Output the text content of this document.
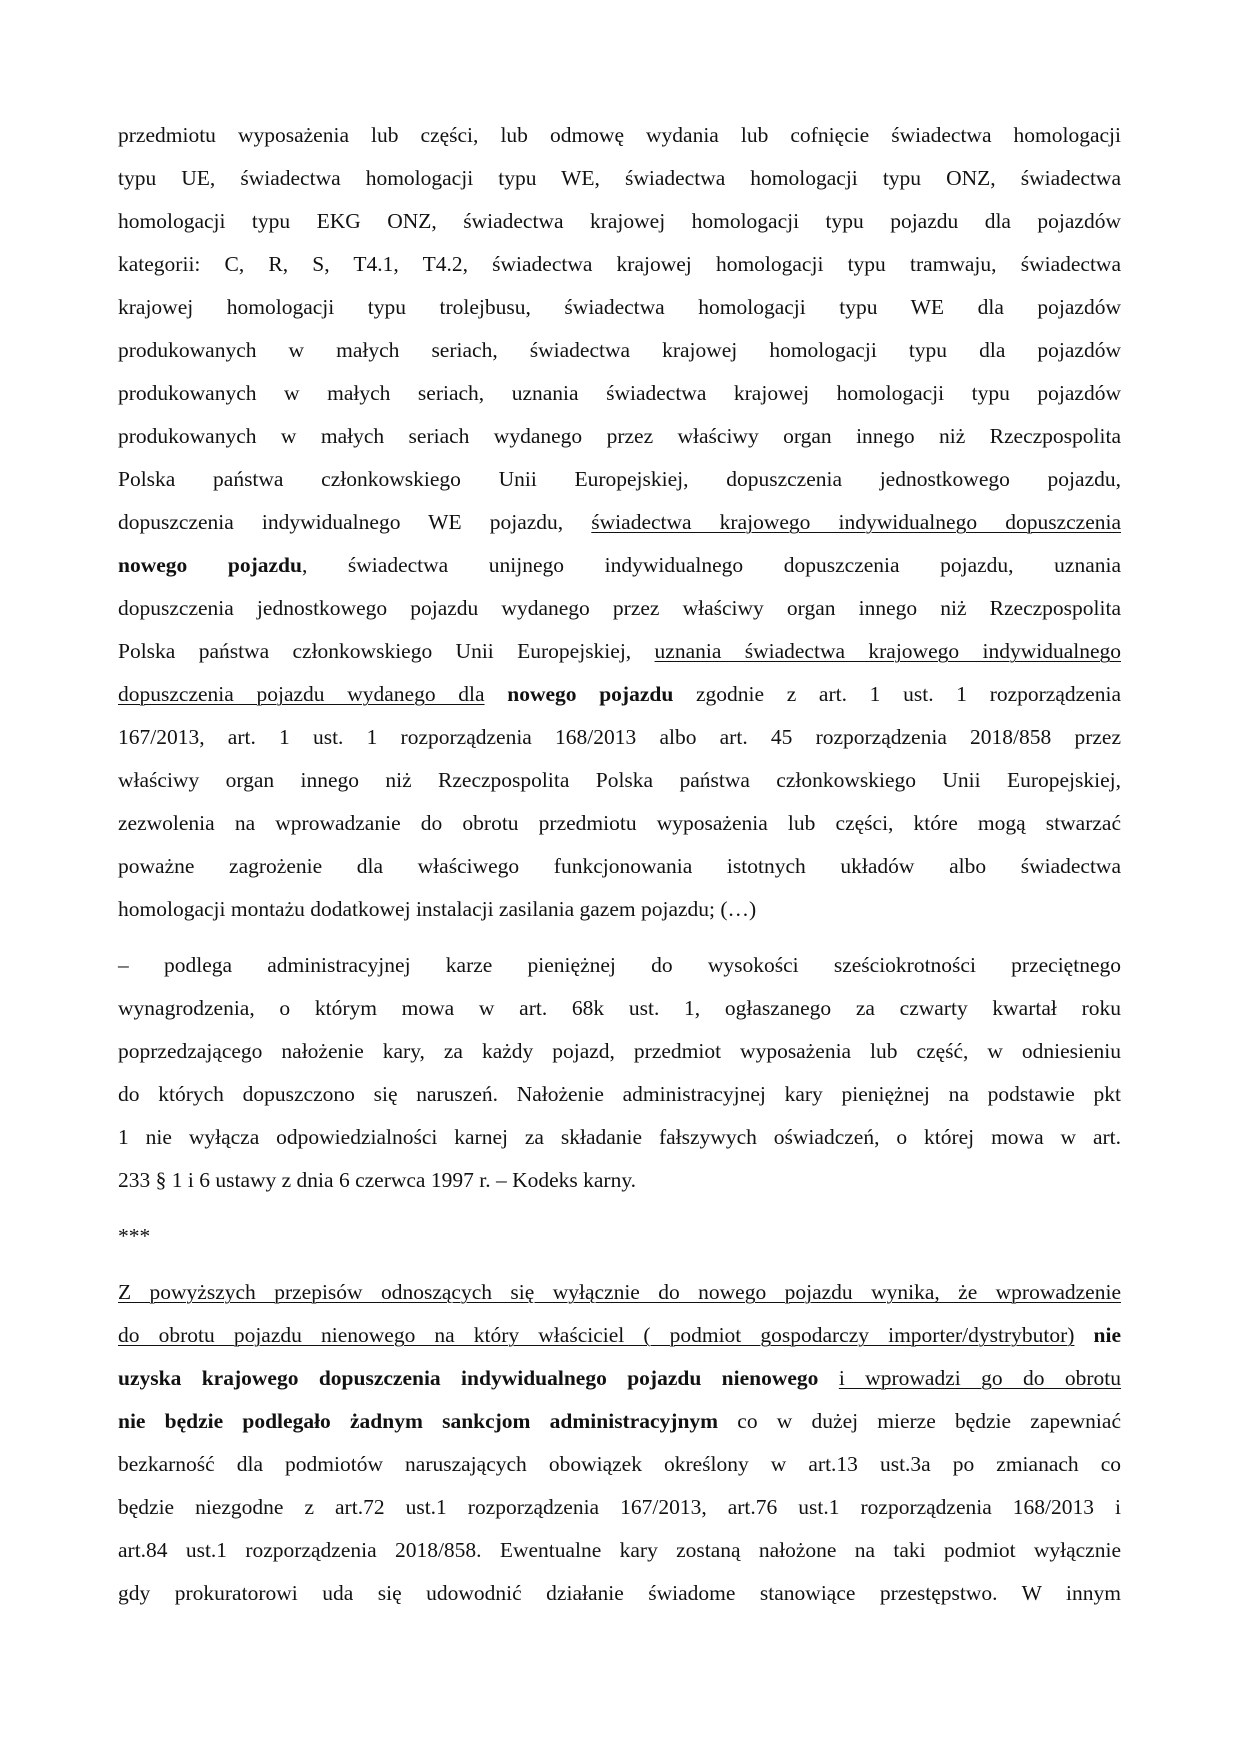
przedmiotu wyposażenia lub części, lub odmowę wydania lub cofnięcie świadectwa homologacji
typu UE, świadectwa homologacji typu WE, świadectwa homologacji typu ONZ, świadectwa
homologacji typu EKG ONZ, świadectwa krajowej homologacji typu pojazdu dla pojazdów
kategorii: C, R, S, T4.1, T4.2, świadectwa krajowej homologacji typu tramwaju, świadectwa
krajowej homologacji typu trolejbusu, świadectwa homologacji typu WE dla pojazdów
produkowanych w małych seriach, świadectwa krajowej homologacji typu dla pojazdów
produkowanych w małych seriach, uznania świadectwa krajowej homologacji typu pojazdów
produkowanych w małych seriach wydanego przez właściwy organ innego niż Rzeczpospolita
Polska państwa członkowskiego Unii Europejskiej, dopuszczenia jednostkowego pojazdu,
dopuszczenia indywidualnego WE pojazdu, świadectwa krajowego indywidualnego dopuszczenia
nowego pojazdu, świadectwa unijnego indywidualnego dopuszczenia pojazdu, uznania
dopuszczenia jednostkowego pojazdu wydanego przez właściwy organ innego niż Rzeczpospolita
Polska państwa członkowskiego Unii Europejskiej, uznania świadectwa krajowego indywidualnego
dopuszczenia pojazdu wydanego dla nowego pojazdu zgodnie z art. 1 ust. 1 rozporządzenia
167/2013, art. 1 ust. 1 rozporządzenia 168/2013 albo art. 45 rozporządzenia 2018/858 przez
właściwy organ innego niż Rzeczpospolita Polska państwa członkowskiego Unii Europejskiej,
zezwolenia na wprowadzanie do obrotu przedmiotu wyposażenia lub części, które mogą stwarzać
poważne zagrożenie dla właściwego funkcjonowania istotnych układów albo świadectwa
homologacji montażu dodatkowej instalacji zasilania gazem pojazdu; (…)
– podlega administracyjnej karze pieniężnej do wysokości sześciokrotności przeciętnego
wynagrodzenia, o którym mowa w art. 68k ust. 1, ogłaszanego za czwarty kwartał roku
poprzedzającego nałożenie kary, za każdy pojazd, przedmiot wyposażenia lub część, w odniesieniu
do których dopuszczono się naruszeń. Nałożenie administracyjnej kary pieniężnej na podstawie pkt
1 nie wyłącza odpowiedzialności karnej za składanie fałszywych oświadczeń, o której mowa w art.
233 § 1 i 6 ustawy z dnia 6 czerwca 1997 r. – Kodeks karny.
***
Z powyższych przepisów odnoszących się wyłącznie do nowego pojazdu wynika, że wprowadzenie
do obrotu pojazdu nienowego na który właściciel ( podmiot gospodarczy importer/dystrybutor) nie
uzyska krajowego dopuszczenia indywidualnego pojazdu nienowego i wprowadzi go do obrotu
nie będzie podlegało żadnym sankcjom administracyjnym co w dużej mierze będzie zapewniać
bezkarność dla podmiotów naruszających obowiązek określony w art.13 ust.3a po zmianach co
będzie niezgodne z art.72 ust.1 rozporządzenia 167/2013, art.76 ust.1 rozporządzenia 168/2013 i
art.84 ust.1 rozporządzenia 2018/858. Ewentualne kary zostaną nałożone na taki podmiot wyłącznie
gdy prokuratorowi uda się udowodnić działanie świadome stanowiące przestępstwo. W innym
